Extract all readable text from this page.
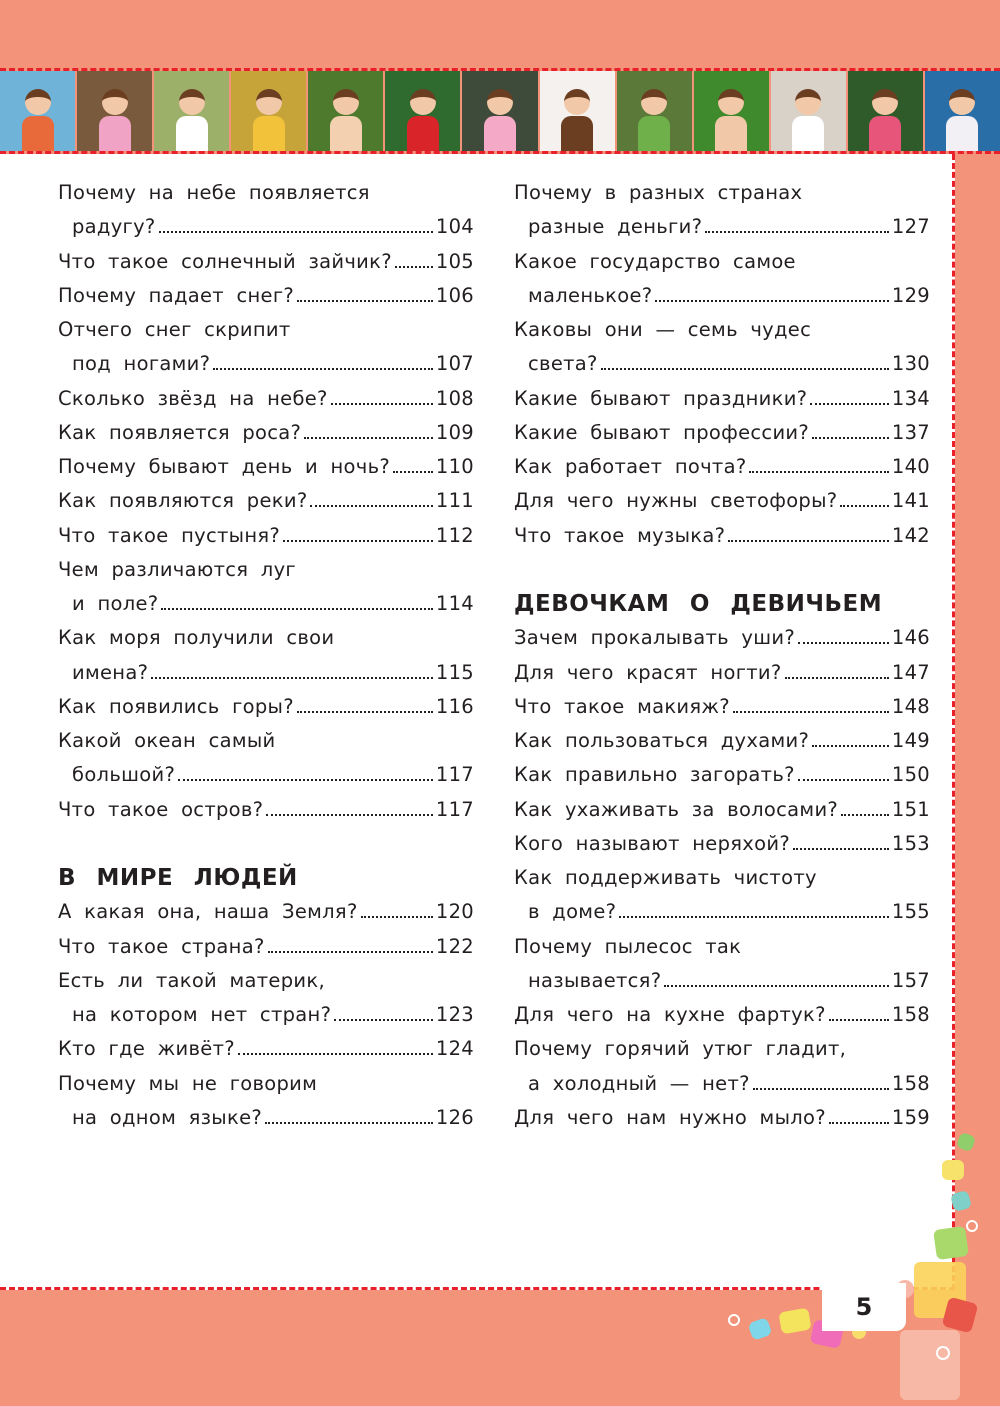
Почему на небе появляется
радугу?	104
Что такое солнечный зайчик? 105
Почему падает снег?	106
Отчего снег скрипит
под ногами?	107
Сколько звёзд на небе?	108
Как появляется роса?	109
Почему бывают день и ночь? 110
Как появляются реки?	111
Что такое пустыня?	112
Чем различаются луг
и поле?	114
Как моря получили свои
имена?	115
Как появились горы?	116
Какой океан самый
большой?	117
Что такое остров?	117
В МИРЕ ЛЮДЕЙ
А какая она, наша Земля?	120
Что такое страна?	122
Есть ли такой материк,
на котором нет стран?	123
Кто где живёт?	124
Почему мы не говорим
на одном языке?	126
Почему в разных странах
разные деньги?	127
Какое государство самое
маленькое?	129
Каковы они — семь чудес
света?	130
Какие бывают праздники?	134
Какие бывают профессии?	137
Как работает почта?	140
Для чего нужны светофоры?	141
Что такое музыка?	142
ДЕВОЧКАМ О ДЕВИЧЬЕМ
Зачем прокалывать уши?	146
Для чего красят ногти?	147
Что такое макияж?	148
Как пользоваться духами?	149
Как правильно загорать?	150
Как ухаживать за волосами?	151
Кого называют неряхой?	153
Как поддерживать чистоту
в доме?	155
Почему пылесос так
называется?	157
Для чего на кухне фартук?	158
Почему горячий утюг гладит,
а холодный — нет?	158
Для чего нам нужно мыло?	159
5
